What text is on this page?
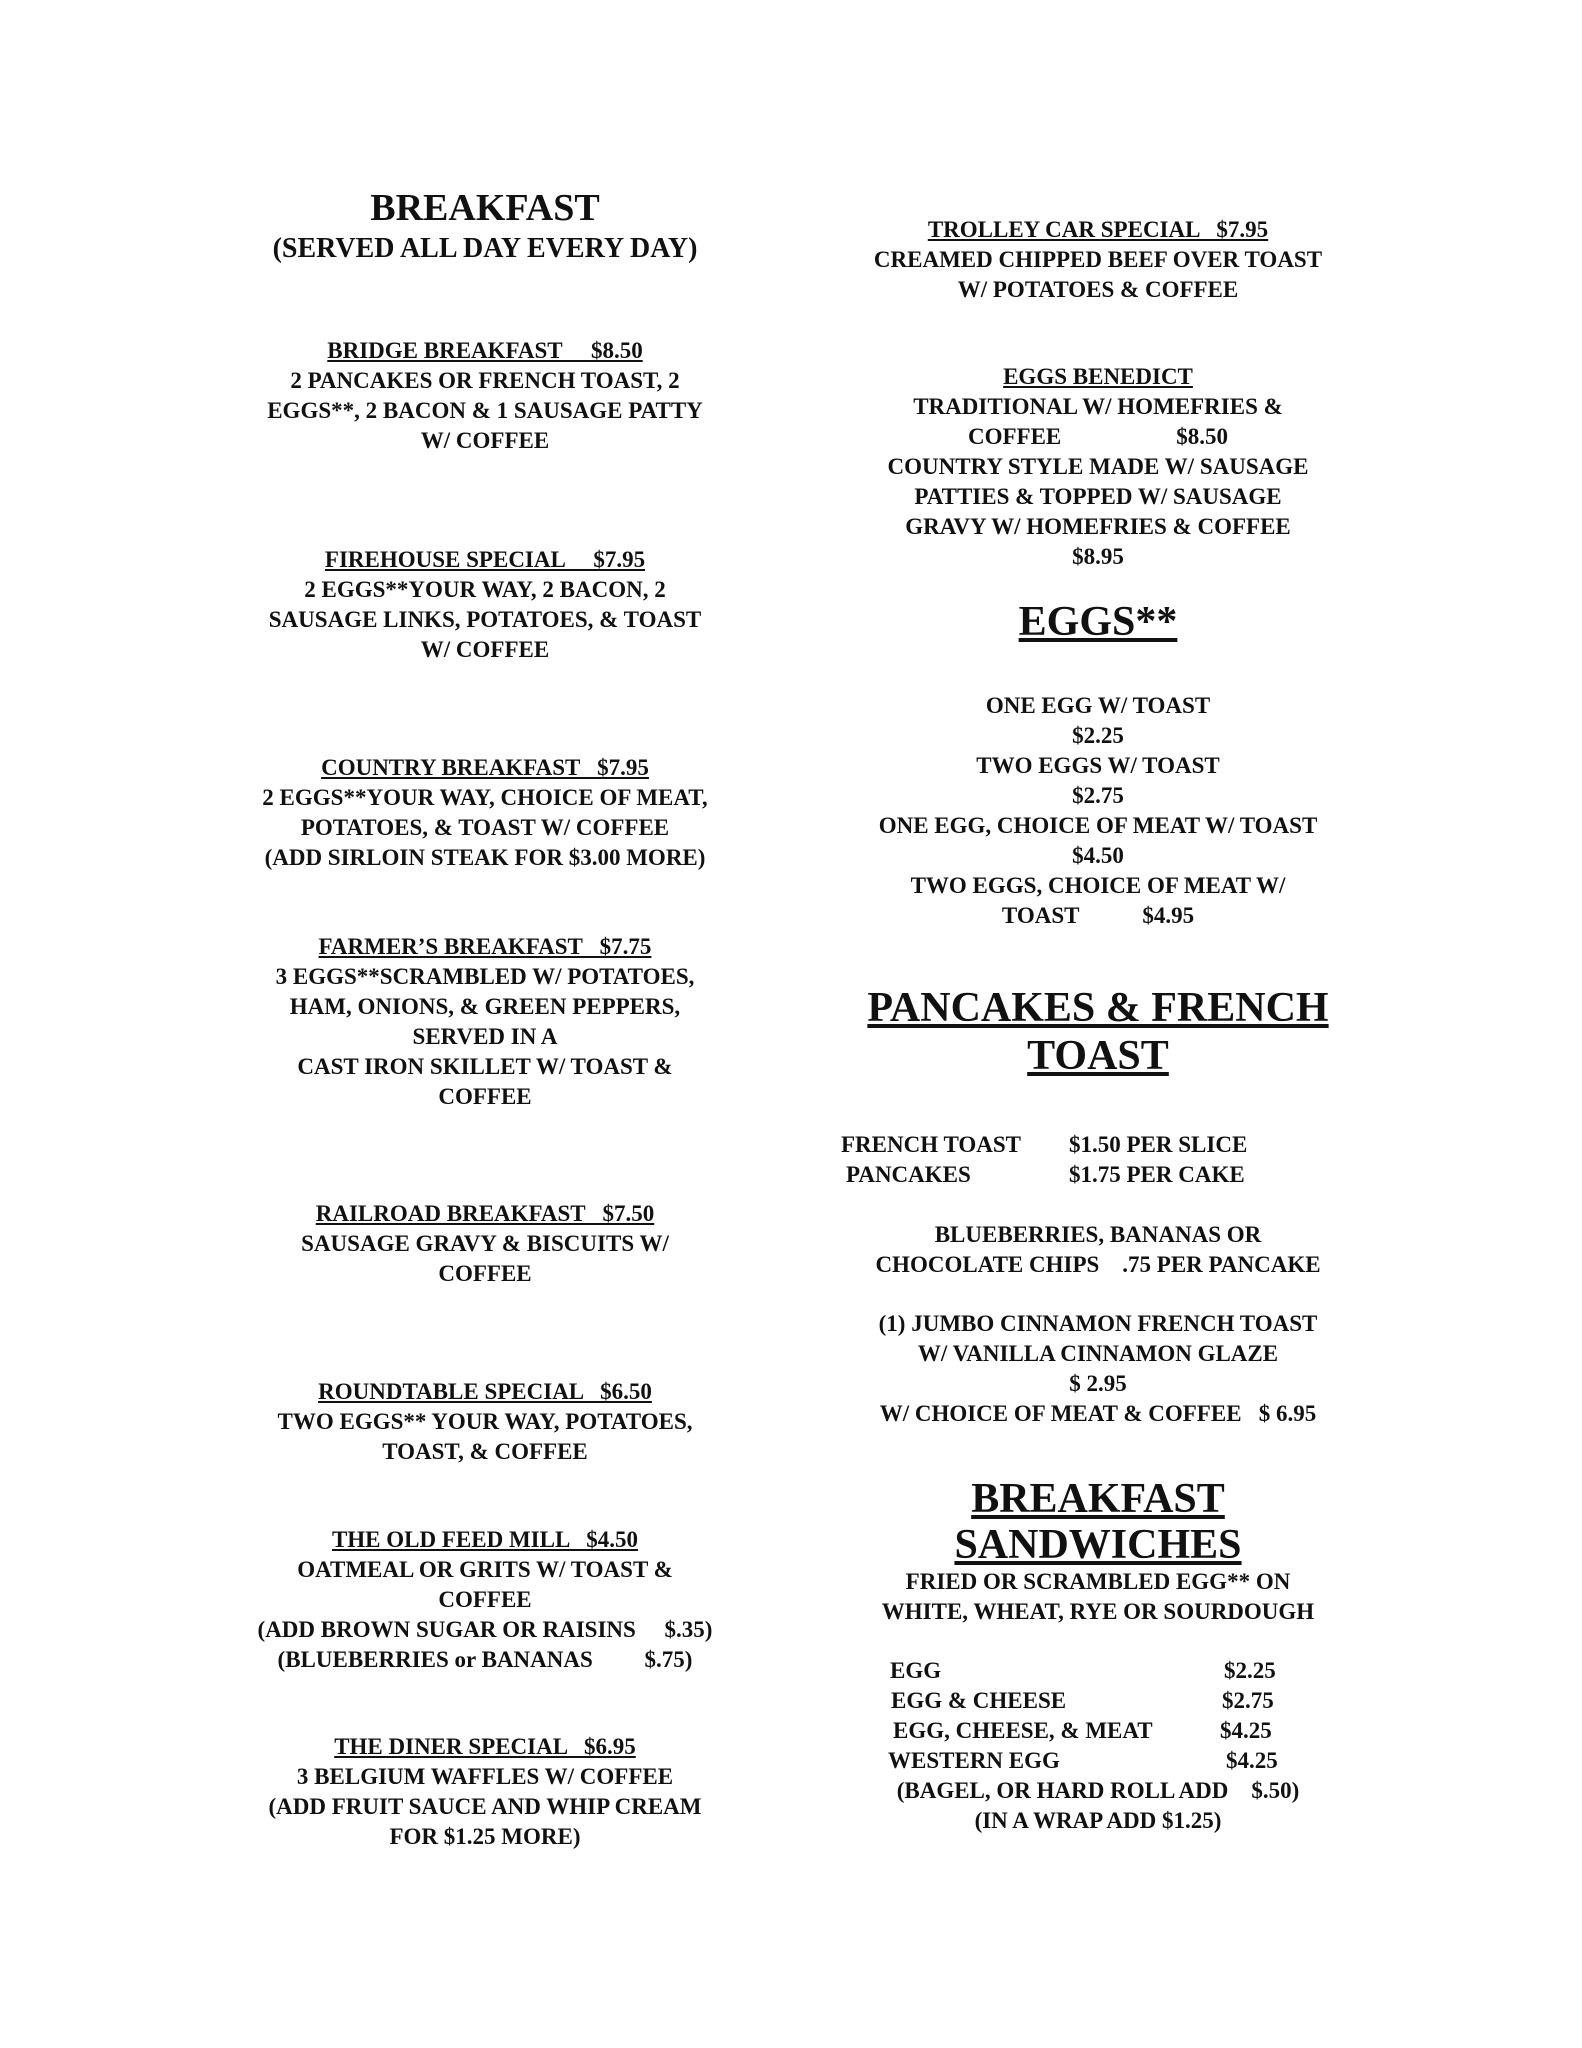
BREAKFAST
(SERVED ALL DAY EVERY DAY)
BRIDGE BREAKFAST     $8.50
2 PANCAKES OR FRENCH TOAST, 2
EGGS**, 2 BACON & 1 SAUSAGE PATTY
W/ COFFEE
FIREHOUSE SPECIAL     $7.95
2 EGGS**YOUR WAY, 2 BACON, 2
SAUSAGE LINKS, POTATOES, & TOAST
W/ COFFEE
COUNTRY BREAKFAST   $7.95
2 EGGS**YOUR WAY, CHOICE OF MEAT,
POTATOES, & TOAST W/ COFFEE
(ADD SIRLOIN STEAK FOR $3.00 MORE)
FARMER’S BREAKFAST   $7.75
3 EGGS**SCRAMBLED W/ POTATOES,
HAM, ONIONS, & GREEN PEPPERS,
SERVED IN A
CAST IRON SKILLET W/ TOAST &
COFFEE
RAILROAD BREAKFAST   $7.50
SAUSAGE GRAVY & BISCUITS W/
COFFEE
ROUNDTABLE SPECIAL   $6.50
TWO EGGS** YOUR WAY, POTATOES,
TOAST, & COFFEE
THE OLD FEED MILL   $4.50
OATMEAL OR GRITS W/ TOAST &
COFFEE
(ADD BROWN SUGAR OR RAISINS     $.35)
(BLUEBERRIES or BANANAS         $.75)
THE DINER SPECIAL   $6.95
3 BELGIUM WAFFLES W/ COFFEE
(ADD FRUIT SAUCE AND WHIP CREAM
FOR $1.25 MORE)
TROLLEY CAR SPECIAL   $7.95
CREAMED CHIPPED BEEF OVER TOAST
W/ POTATOES & COFFEE
EGGS BENEDICT
TRADITIONAL W/ HOMEFRIES &
COFFEE                    $8.50
COUNTRY STYLE MADE W/ SAUSAGE
PATTIES & TOPPED W/ SAUSAGE
GRAVY W/ HOMEFRIES & COFFEE
$8.95
EGGS**
ONE EGG W/ TOAST
$2.25
TWO EGGS W/ TOAST
$2.75
ONE EGG, CHOICE OF MEAT W/ TOAST
$4.50
TWO EGGS, CHOICE OF MEAT W/
TOAST           $4.95
PANCAKES & FRENCH
TOAST
FRENCH TOAST $1.50 PER SLICE
PANCAKES	$1.75 PER CAKE
BLUEBERRIES, BANANAS OR
CHOCOLATE CHIPS    .75 PER PANCAKE
(1) JUMBO CINNAMON FRENCH TOAST
W/ VANILLA CINNAMON GLAZE
$ 2.95
W/ CHOICE OF MEAT & COFFEE   $ 6.95
BREAKFAST
SANDWICHES
FRIED OR SCRAMBLED EGG** ON
WHITE, WHEAT, RYE OR SOURDOUGH
EGG	$2.25
EGG & CHEESE	$2.75
EGG, CHEESE, & MEAT	$4.25
WESTERN EGG	$4.25
(BAGEL, OR HARD ROLL ADD    $.50)
(IN A WRAP ADD $1.25)
